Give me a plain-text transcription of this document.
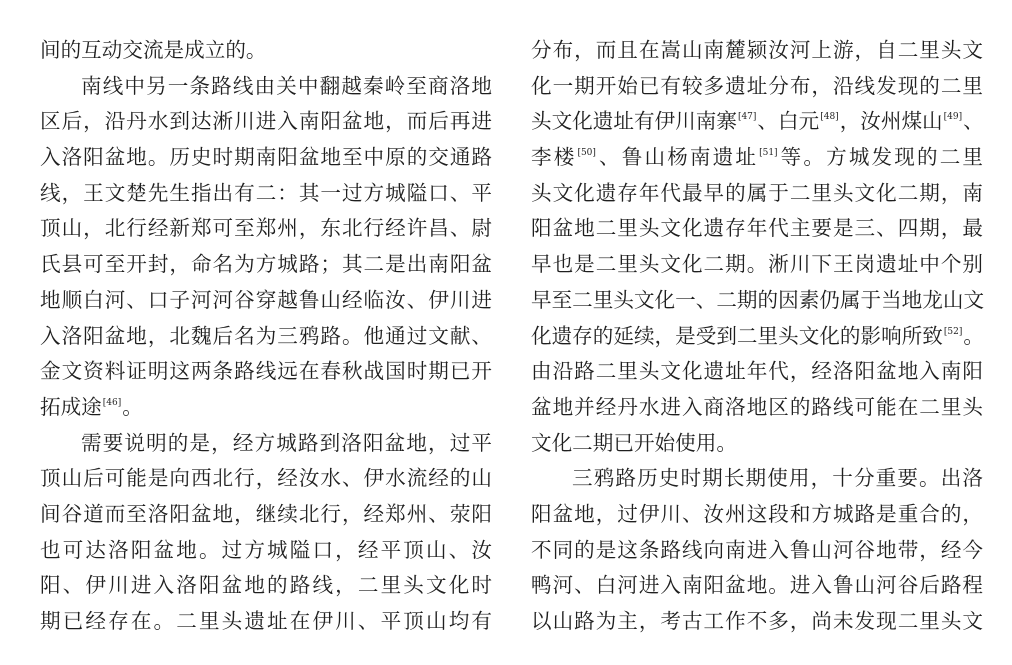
间的互动交流是成立的。
南线中另一条路线由关中翻越秦岭至商洛地
区后，沿丹水到达淅川进入南阳盆地，而后再进
入洛阳盆地。历史时期南阳盆地至中原的交通路
线，王文楚先生指出有二：其一过方城隘口、平
顶山，北行经新郑可至郑州，东北行经许昌、尉
氏县可至开封，命名为方城路；其二是出南阳盆
地顺白河、口子河河谷穿越鲁山经临汝、伊川进
入洛阳盆地，北魏后名为三鸦路。他通过文献、
金文资料证明这两条路线远在春秋战国时期已开
拓成途[46]。
需要说明的是，经方城路到洛阳盆地，过平
顶山后可能是向西北行，经汝水、伊水流经的山
间谷道而至洛阳盆地，继续北行，经郑州、荥阳
也可达洛阳盆地。过方城隘口，经平顶山、汝
阳、伊川进入洛阳盆地的路线，二里头文化时
期已经存在。二里头遗址在伊川、平顶山均有
分布，而且在嵩山南麓颍汝河上游，自二里头文
化一期开始已有较多遗址分布，沿线发现的二里
头文化遗址有伊川南寨[47]、白元[48]，汝州煤山[49]、
李楼[50]、鲁山杨南遗址[51]等。方城发现的二里
头文化遗存年代最早的属于二里头文化二期，南
阳盆地二里头文化遗存年代主要是三、四期，最
早也是二里头文化二期。淅川下王岗遗址中个别
早至二里头文化一、二期的因素仍属于当地龙山文
化遗存的延续，是受到二里头文化的影响所致[52]。
由沿路二里头文化遗址年代，经洛阳盆地入南阳
盆地并经丹水进入商洛地区的路线可能在二里头
文化二期已开始使用。
三鸦路历史时期长期使用，十分重要。出洛
阳盆地，过伊川、汝州这段和方城路是重合的，
不同的是这条路线向南进入鲁山河谷地带，经今
鸭河、白河进入南阳盆地。进入鲁山河谷后路程
以山路为主，考古工作不多，尚未发现二里头文
